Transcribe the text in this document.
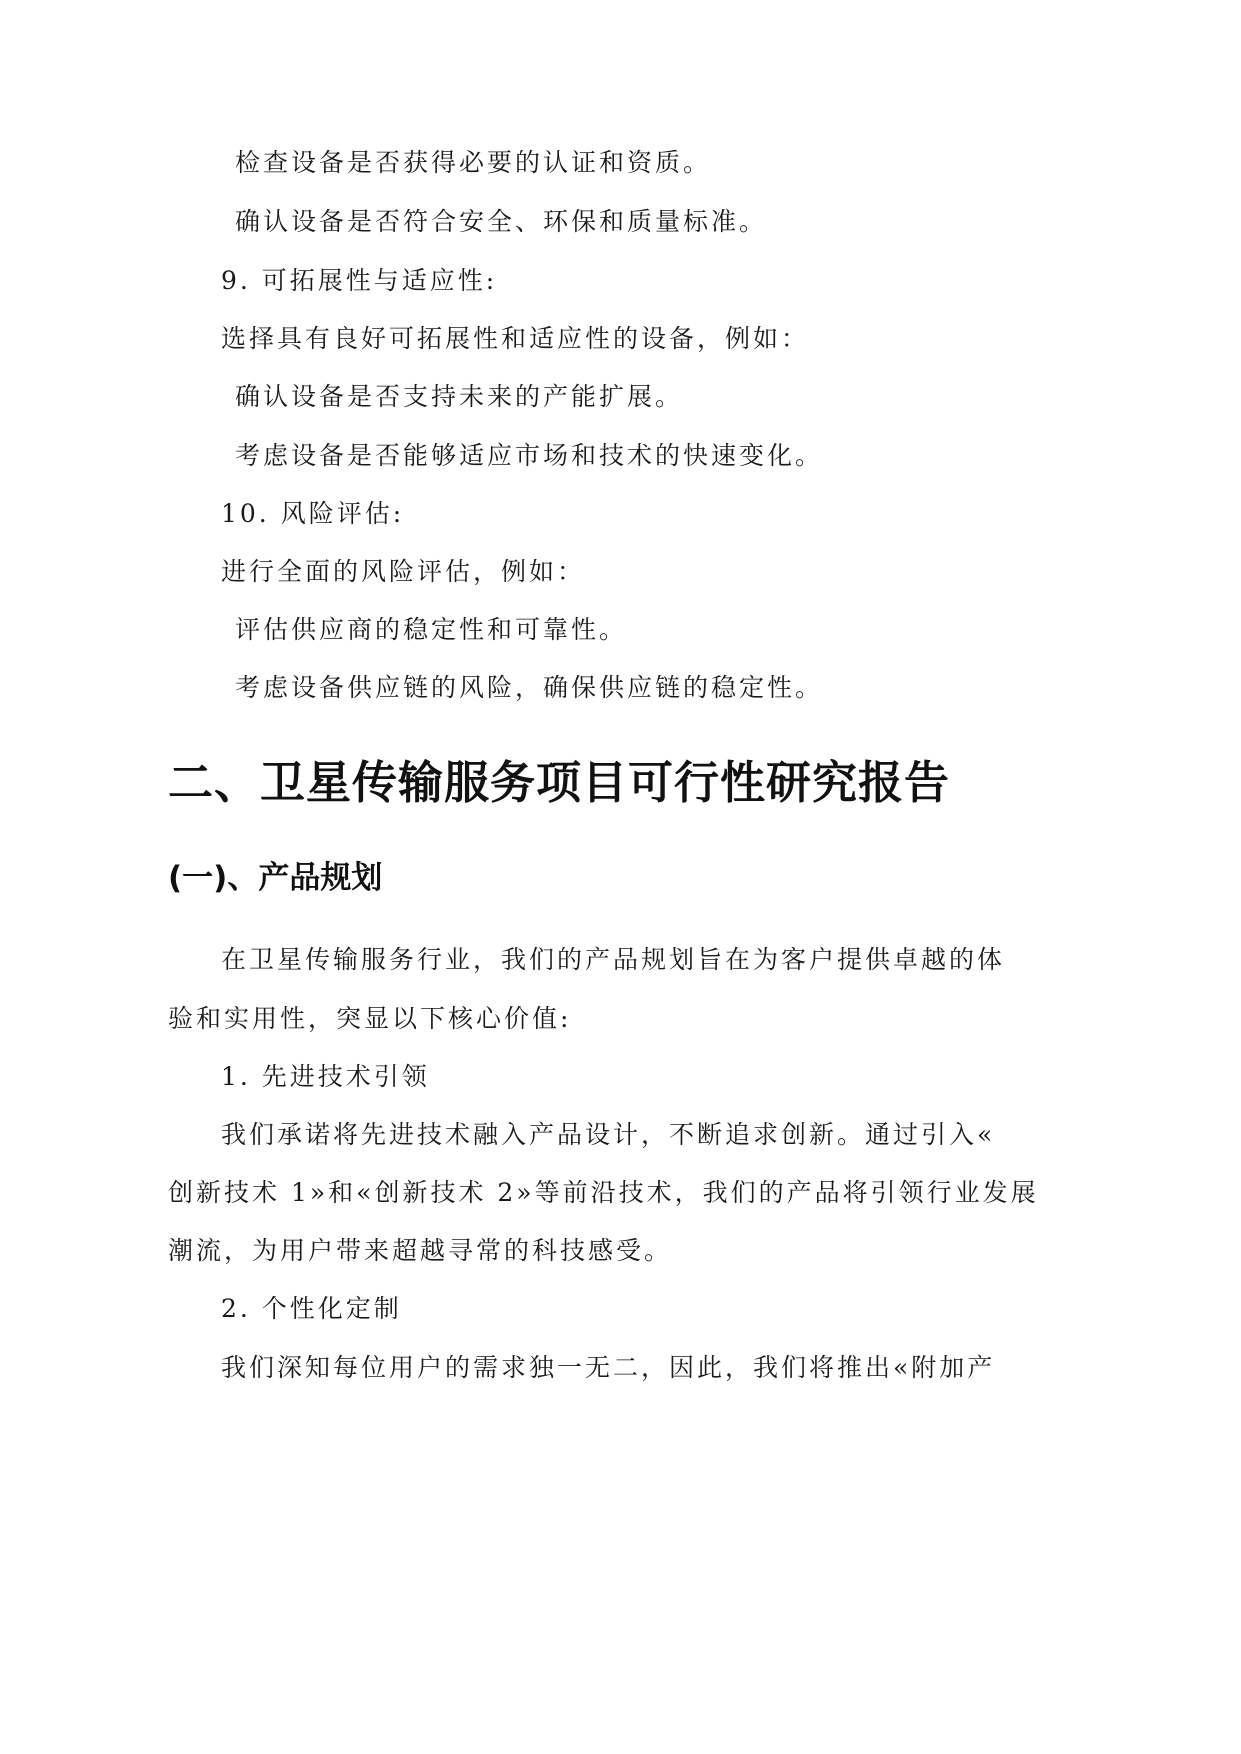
检查设备是否获得必要的认证和资质。
确认设备是否符合安全、环保和质量标准。
9. 可拓展性与适应性:
选择具有良好可拓展性和适应性的设备，例如：
确认设备是否支持未来的产能扩展。
考虑设备是否能够适应市场和技术的快速变化。
10. 风险评估:
进行全面的风险评估，例如：
评估供应商的稳定性和可靠性。
考虑设备供应链的风险，确保供应链的稳定性。
二、卫星传输服务项目可行性研究报告
(一)、产品规划
在卫星传输服务行业，我们的产品规划旨在为客户提供卓越的体
验和实用性，突显以下核心价值:
1. 先进技术引领
我们承诺将先进技术融入产品设计，不断追求创新。通过引入«
创新技术 1»和«创新技术 2»等前沿技术，我们的产品将引领行业发展
潮流，为用户带来超越寻常的科技感受。
2. 个性化定制
我们深知每位用户的需求独一无二，因此，我们将推出«附加产
